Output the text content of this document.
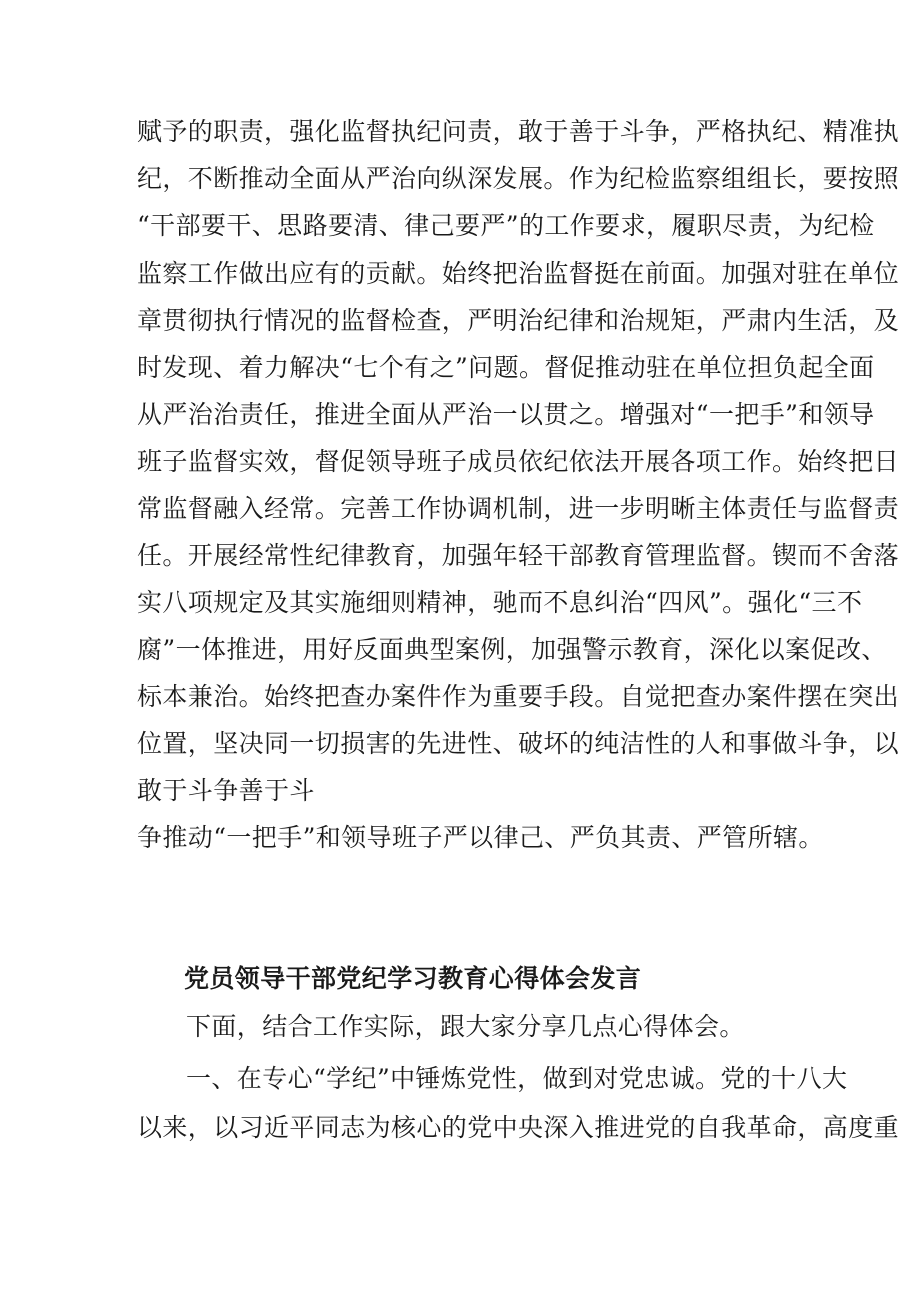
赋予的职责，强化监督执纪问责，敢于善于斗争，严格执纪、精准执
纪，不断推动全面从严治向纵深发展。作为纪检监察组组长，要按照
“干部要干、思路要清、律己要严”的工作要求，履职尽责，为纪检
监察工作做出应有的贡献。始终把治监督挺在前面。加强对驻在单位
章贯彻执行情况的监督检查，严明治纪律和治规矩，严肃内生活，及
时发现、着力解决“七个有之”问题。督促推动驻在单位担负起全面
从严治治责任，推进全面从严治一以贯之。增强对“一把手”和领导
班子监督实效，督促领导班子成员依纪依法开展各项工作。始终把日
常监督融入经常。完善工作协调机制，进一步明晰主体责任与监督责
任。开展经常性纪律教育，加强年轻干部教育管理监督。锲而不舍落
实八项规定及其实施细则精神，驰而不息纠治“四风”。强化“三不
腐”一体推进，用好反面典型案例，加强警示教育，深化以案促改、
标本兼治。始终把查办案件作为重要手段。自觉把查办案件摆在突出
位置，坚决同一切损害的先进性、破坏的纯洁性的人和事做斗争，以
敢于斗争善于斗
争推动“一把手”和领导班子严以律己、严负其责、严管所辖。
党员领导干部党纪学习教育心得体会发言
下面，结合工作实际，跟大家分享几点心得体会。
一、在专心“学纪”中锤炼党性，做到对党忠诚。党的十八大
以来，以习近平同志为核心的党中央深入推进党的自我革命，高度重
